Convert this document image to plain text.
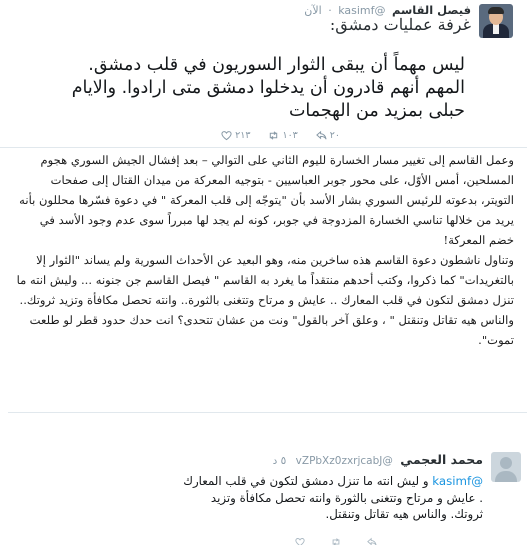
فيصل القاسم @kasimf · الآن
غرفة عمليات دمشق:
ليس مهماً أن يبقى الثوار السوريون في قلب دمشق. المهم أنهم قادرون أن يدخلوا دمشق متى ارادوا. والايام حبلى بمزيد من الهجمات
٢٠
١٠٣
٢١٣

وعمل القاسم إلى تغيير مسار الخسارة لليوم الثاني على التوالي – بعد إفشال الجيش السوري هجوم المسلحين، أمس الأوّل، على محور جوبر العباسيين - بتوجيه المعركة من ميدان القتال إلى صفحات التويتر، بدعوته للرئيس السوري بشار الأسد بأن "يتوجّه إلى قلب المعركة " في دعوة فسّرها محللون بأنه يريد من خلالها تناسي الخسارة المزدوجة في جوبر، كونه لم يجد لها مبرراً سوى عدم وجود الأسد في خضم المعركة!

وتناول ناشطون دعوة القاسم هذه ساخرين منه، وهو البعيد عن الأحداث السورية ولم يساند "الثوار إلا بالتغريدات" كما ذكروا، وكتب أحدهم منتقداً ما يغرد به القاسم " فيصل القاسم جن جنونه ... وليش انته ما تنزل دمشق لتكون في قلب المعارك .. عايش و مرتاح وتتغنى بالثورة.. وانته تحصل مكافأة وتزيد ثروتك.. والناس هيه تقاتل وتنقتل " ، وعلق آخر بالقول" ونت من عشان تتحدى؟ انت حدك حدود قطر لو طلعت تموت".

محمد العجمي @vZPbXz0zxrjcabJ ٥ د
@kasimf و ليش انته ما تنزل دمشق لتكون في قلب المعارك . عايش و مرتاح وتتغنى بالثورة وانته تحصل مكافأة وتزيد ثروتك. والناس هيه تقاتل وتنقتل.
